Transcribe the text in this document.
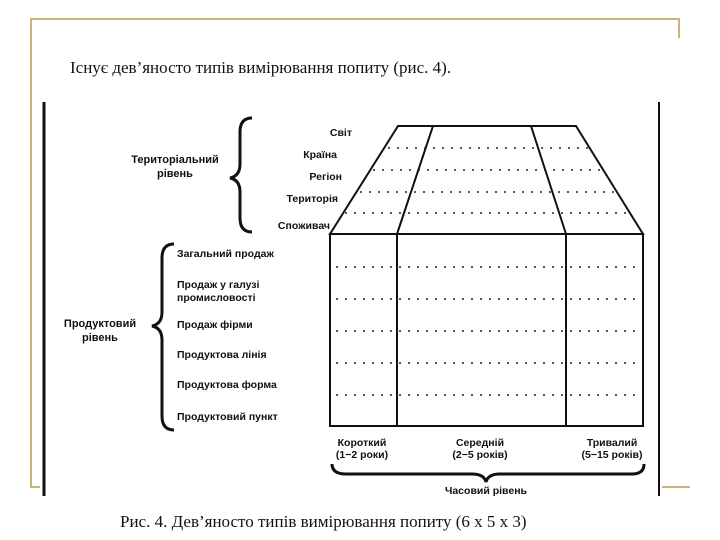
Існує дев’яносто типів вимірювання попиту (рис. 4).
Територіальний
рівень
Світ
Країна
Регіон
Територія
Споживач
Продуктовий
рівень
Загальний продаж
Продаж у галузі
промисловості
Продаж фірми
Продуктова лінія
Продуктова форма
Продуктовий пункт
Короткий
(1−2 роки)
Середній
(2−5 років)
Тривалий
(5−15 років)
Часовий рівень
Рис. 4. Дев’яносто типів вимірювання попиту (6 х 5 х 3)
